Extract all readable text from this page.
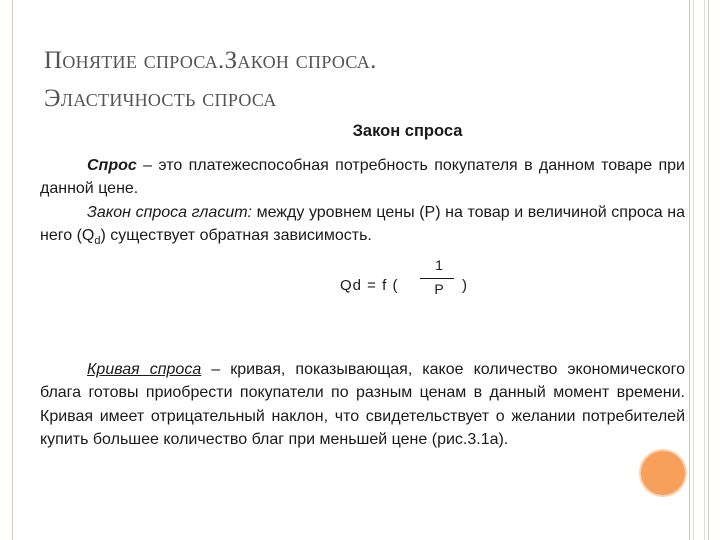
Понятие спроса.Закон спроса.
Эластичность спроса
Закон спроса

Спрос – это платежеспособная потребность покупателя в данном товаре при данной цене.

Закон спроса гласит: между уровнем цены (P) на товар и величиной спроса на него $(Q_d)$ существует обратная зависимость.

Qd = f (
1
P	)

Кривая спроса – кривая, показывающая, какое количество экономического блага готовы приобрести покупатели по разным ценам в данный момент времени. Кривая имеет отрицательный наклон, что свидетельствует о желании потребителей купить большее количество благ при меньшей цене (рис.3.1а).
